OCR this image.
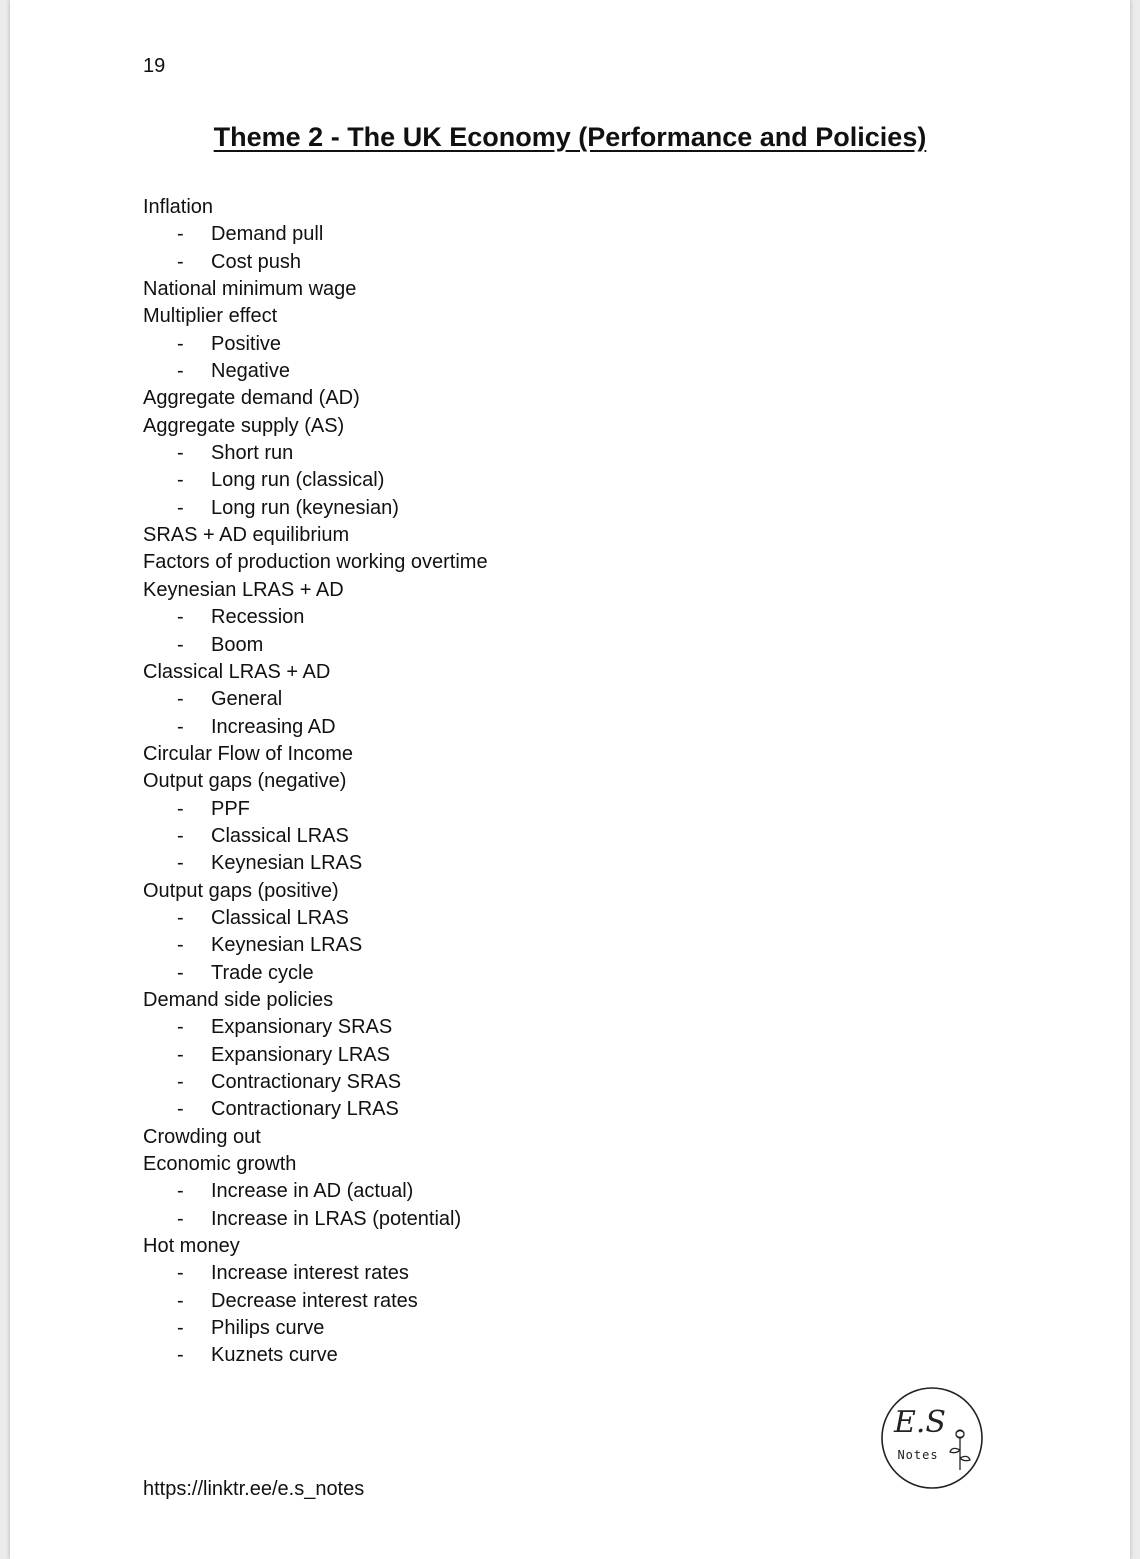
19
Theme 2 - The UK Economy (Performance and Policies)
Inflation
- Demand pull
- Cost push
National minimum wage
Multiplier effect
- Positive
- Negative
Aggregate demand (AD)
Aggregate supply (AS)
- Short run
- Long run (classical)
- Long run (keynesian)
SRAS + AD equilibrium
Factors of production working overtime
Keynesian LRAS + AD
- Recession
- Boom
Classical LRAS + AD
- General
- Increasing AD
Circular Flow of Income
Output gaps (negative)
- PPF
- Classical LRAS
- Keynesian LRAS
Output gaps (positive)
- Classical LRAS
- Keynesian LRAS
- Trade cycle
Demand side policies
- Expansionary SRAS
- Expansionary LRAS
- Contractionary SRAS
- Contractionary LRAS
Crowding out
Economic growth
- Increase in AD (actual)
- Increase in LRAS (potential)
Hot money
- Increase interest rates
- Decrease interest rates
- Philips curve
- Kuznets curve
https://linktr.ee/e.s_notes
E.S
Notes
